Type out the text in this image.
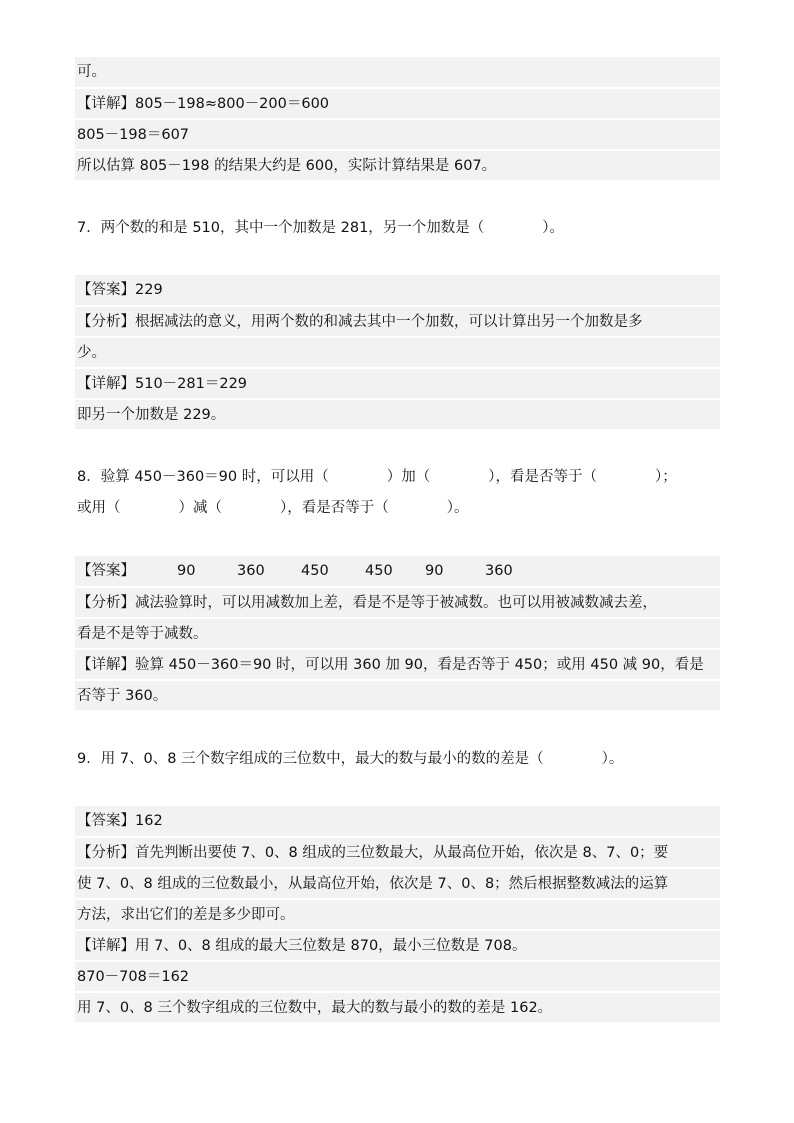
可。
【详解】805－198≈800－200＝600
805－198＝607
所以估算 805－198 的结果大约是 600，实际计算结果是 607。
7．两个数的和是 510，其中一个加数是 281，另一个加数是（　　　　）。
【答案】229
【分析】根据减法的意义，用两个数的和减去其中一个加数，可以计算出另一个加数是多
少。
【详解】510－281＝229
即另一个加数是 229。
8．验算 450－360＝90 时，可以用（　　　　）加（　　　　），看是否等于（　　　　）；
或用（　　　　）减（　　　　），看是否等于（　　　　）。
【答案】	90	360	450	450 90	360
【分析】减法验算时，可以用减数加上差，看是不是等于被减数。也可以用被减数减去差，
看是不是等于减数。
【详解】验算 450－360＝90 时，可以用 360 加 90，看是否等于 450；或用 450 减 90，看是
否等于 360。
9．用 7、0、8 三个数字组成的三位数中，最大的数与最小的数的差是（　　　　）。
【答案】162
【分析】首先判断出要使 7、0、8 组成的三位数最大，从最高位开始，依次是 8、7、0；要
使 7、0、8 组成的三位数最小，从最高位开始，依次是 7、0、8；然后根据整数减法的运算
方法，求出它们的差是多少即可。
【详解】用 7、0、8 组成的最大三位数是 870，最小三位数是 708。
870－708＝162
用 7、0、8 三个数字组成的三位数中，最大的数与最小的数的差是 162。
